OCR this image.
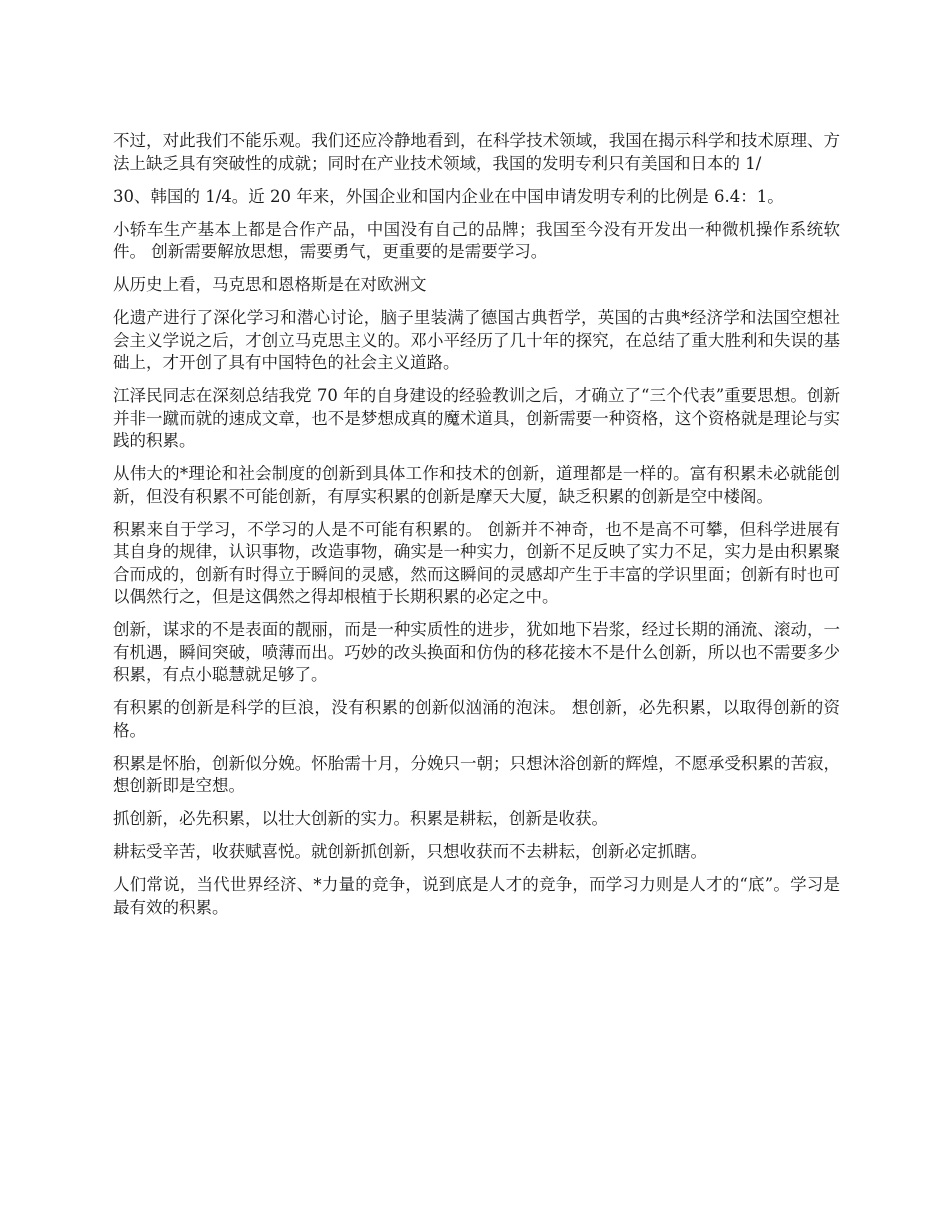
不过，对此我们不能乐观。我们还应冷静地看到，在科学技术领域，我国在揭示科学和技术原理、方法上缺乏具有突破性的成就；同时在产业技术领域，我国的发明专利只有美国和日本的 1/

30、韩国的 1/4。近 20 年来，外国企业和国内企业在中国申请发明专利的比例是 6.4：1。

小轿车生产基本上都是合作产品，中国没有自己的品牌；我国至今没有开发出一种微机操作系统软件。 创新需要解放思想，需要勇气，更重要的是需要学习。

从历史上看，马克思和恩格斯是在对欧洲文

化遗产进行了深化学习和潜心讨论，脑子里装满了德国古典哲学，英国的古典*经济学和法国空想社会主义学说之后，才创立马克思主义的。邓小平经历了几十年的探究，在总结了重大胜利和失误的基础上，才开创了具有中国特色的社会主义道路。

江泽民同志在深刻总结我党 70 年的自身建设的经验教训之后，才确立了“三个代表”重要思想。创新并非一蹴而就的速成文章，也不是梦想成真的魔术道具，创新需要一种资格，这个资格就是理论与实践的积累。

从伟大的*理论和社会制度的创新到具体工作和技术的创新，道理都是一样的。富有积累未必就能创新，但没有积累不可能创新，有厚实积累的创新是摩天大厦，缺乏积累的创新是空中楼阁。

积累来自于学习，不学习的人是不可能有积累的。 创新并不神奇，也不是高不可攀，但科学进展有其自身的规律，认识事物，改造事物，确实是一种实力，创新不足反映了实力不足，实力是由积累聚合而成的，创新有时得立于瞬间的灵感，然而这瞬间的灵感却产生于丰富的学识里面；创新有时也可以偶然行之，但是这偶然之得却根植于长期积累的必定之中。

创新，谋求的不是表面的靓丽，而是一种实质性的进步，犹如地下岩浆，经过长期的涌流、滚动，一有机遇，瞬间突破，喷薄而出。巧妙的改头换面和仿伪的移花接木不是什么创新，所以也不需要多少积累，有点小聪慧就足够了。

有积累的创新是科学的巨浪，没有积累的创新似汹涌的泡沫。 想创新，必先积累，以取得创新的资格。

积累是怀胎，创新似分娩。怀胎需十月，分娩只一朝；只想沐浴创新的辉煌，不愿承受积累的苦寂，想创新即是空想。

抓创新，必先积累，以壮大创新的实力。积累是耕耘，创新是收获。

耕耘受辛苦，收获赋喜悦。就创新抓创新，只想收获而不去耕耘，创新必定抓瞎。

人们常说，当代世界经济、*力量的竞争，说到底是人才的竞争，而学习力则是人才的“底”。学习是最有效的积累。
